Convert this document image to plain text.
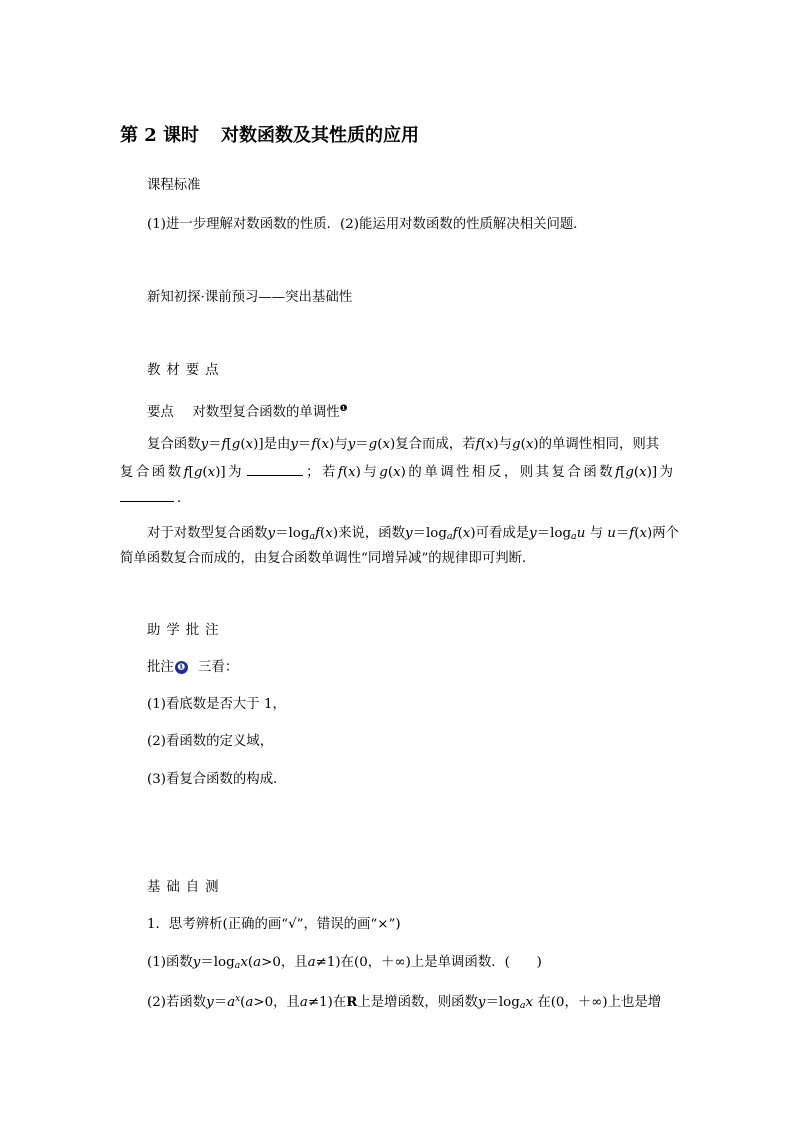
第 2 课时 对数函数及其性质的应用
课程标准
(1)进一步理解对数函数的性质．(2)能运用对数函数的性质解决相关问题．
新知初探·课前预习——突出基础性
教材要点
要点 对数型复合函数的单调性$^❶$
复合函数y＝f[g(x)]是由y＝f(x)与y＝g(x)复合而成，若f(x)与g(x)的单调性相同，则其
复合函数f[g(x)]为	；若f(x)与g(x)的单调性相反，则其复合函数f[g(x)]为
．
对于对数型复合函数$y=\log_af(x)$来说，函数$y=\log_af(x)$可看成是$y=\log_au$ 与 u＝f(x)两个
简单函数复合而成的，由复合函数单调性“同增异减”的规律即可判断．
助学批注
批注 ❶ 三看：
(1)看底数是否大于 1，
(2)看函数的定义域，
(3)看复合函数的构成．
基础自测
1．思考辨析(正确的画“√”，错误的画“×”)
(1)函数$y=\log_ax(a>0$，且a≠1)在(0，＋∞)上是单调函数．(　　)
(2)若函数$y=a^x(a>0$，且a≠1)在R上是增函数，则函数$y=\log_ax$ 在(0，＋∞)上也是增
